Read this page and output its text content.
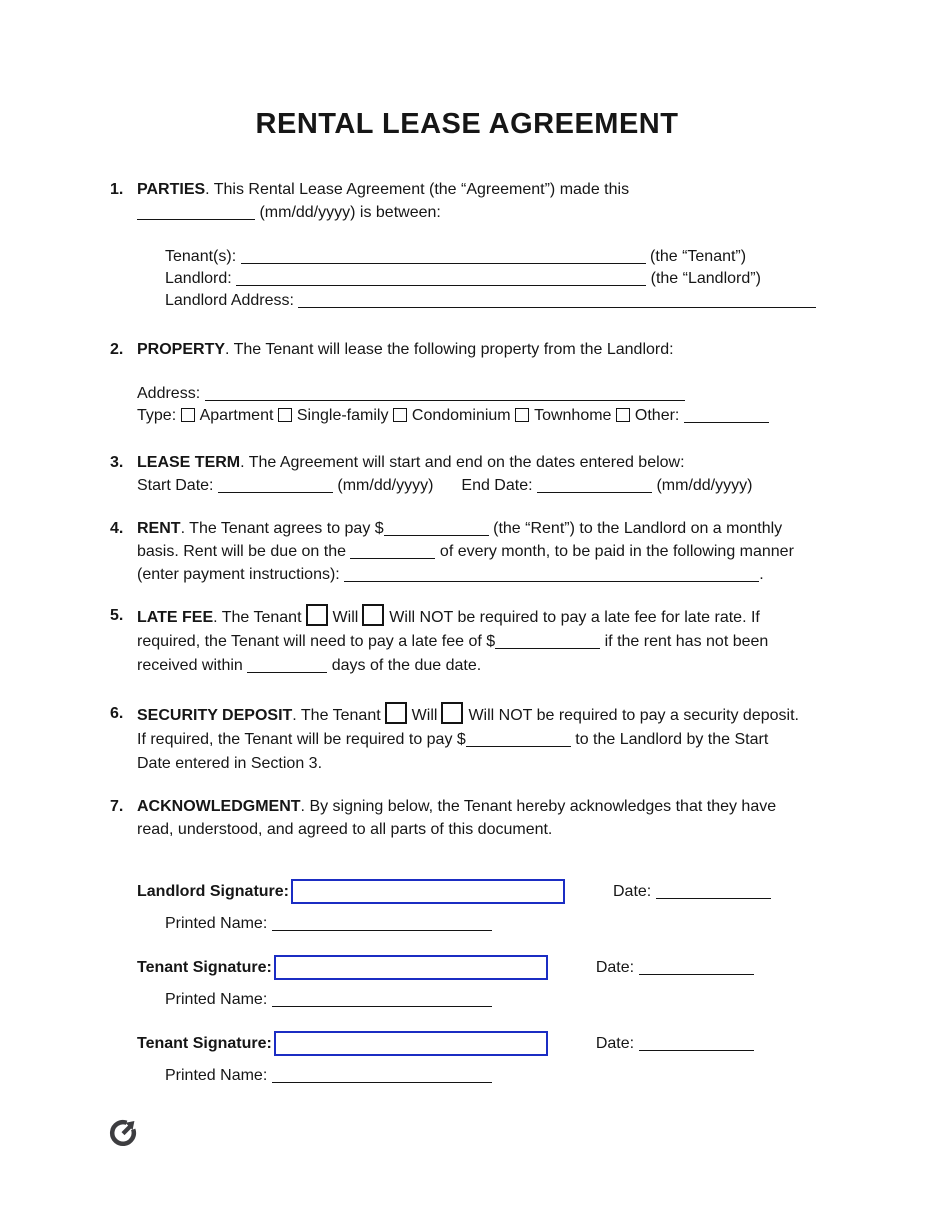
RENTAL LEASE AGREEMENT
1. PARTIES. This Rental Lease Agreement (the “Agreement”) made this
(mm/dd/yyyy) is between:
Tenant(s):	(the “Tenant”)
Landlord:	(the “Landlord”)
Landlord Address:
2. PROPERTY. The Tenant will lease the following property from the Landlord:
Address:
Type: Apartment Single-family Condominium Townhome Other:
3. LEASE TERM. The Agreement will start and end on the dates entered below:
Start Date:	(mm/dd/yyyy) End Date:	(mm/dd/yyyy)
4. RENT. The Tenant agrees to pay $	(the “Rent”) to the Landlord on a monthly
basis. Rent will be due on the	of every month, to be paid in the following manner
(enter payment instructions):	.
5. LATE FEE. The Tenant Will Will NOT be required to pay a late fee for late rate. If
required, the Tenant will need to pay a late fee of $	if the rent has not been
received within	days of the due date.
6. SECURITY DEPOSIT. The Tenant Will Will NOT be required to pay a security deposit.
If required, the Tenant will be required to pay $	to the Landlord by the Start
Date entered in Section 3.
7. ACKNOWLEDGMENT. By signing below, the Tenant hereby acknowledges that they have
read, understood, and agreed to all parts of this document.
Landlord Signature:	Date:
Printed Name:
Tenant Signature:	Date:
Printed Name:
Tenant Signature:	Date:
Printed Name:
